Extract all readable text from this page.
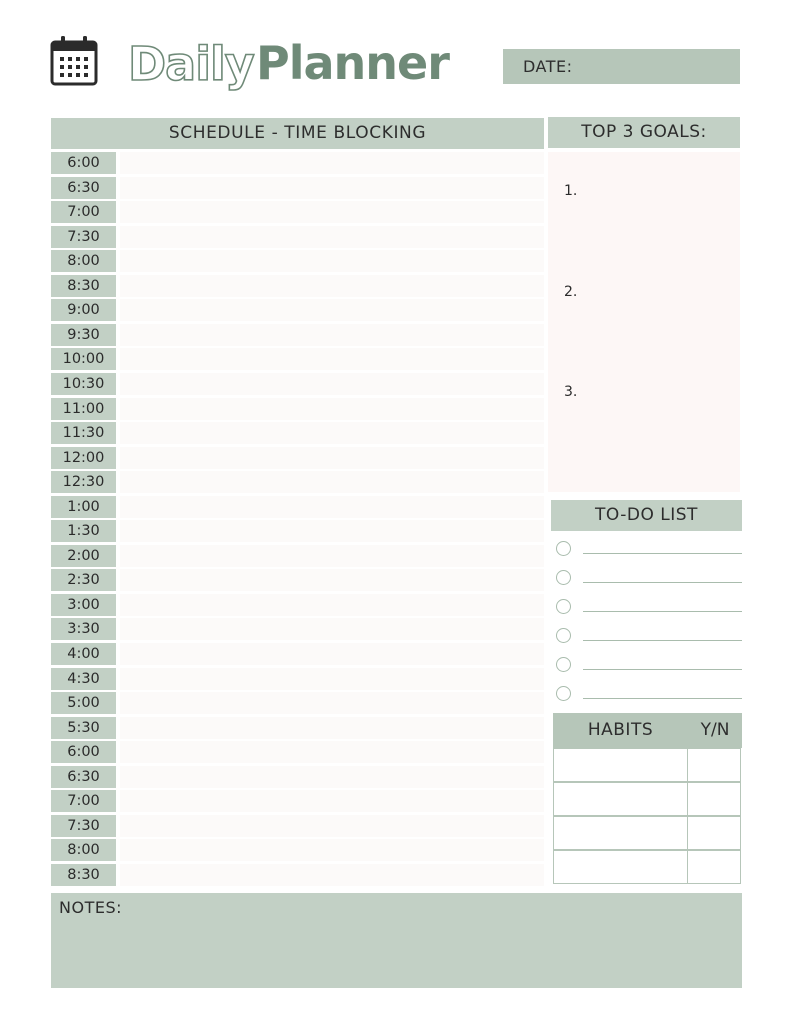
Daily Planner	DATE:
SCHEDULE - TIME BLOCKING
6:00
6:30
7:00
7:30
8:00
8:30
9:00
9:30
10:00
10:30
11:00
11:30
12:00
12:30
1:00
1:30
2:00
2:30
3:00
3:30
4:00
4:30
5:00
5:30
6:00
6:30
7:00
7:30
8:00
8:30
TOP 3 GOALS:
1.
2.
3.
TO-DO LIST
HABITS	Y/N
NOTES:
